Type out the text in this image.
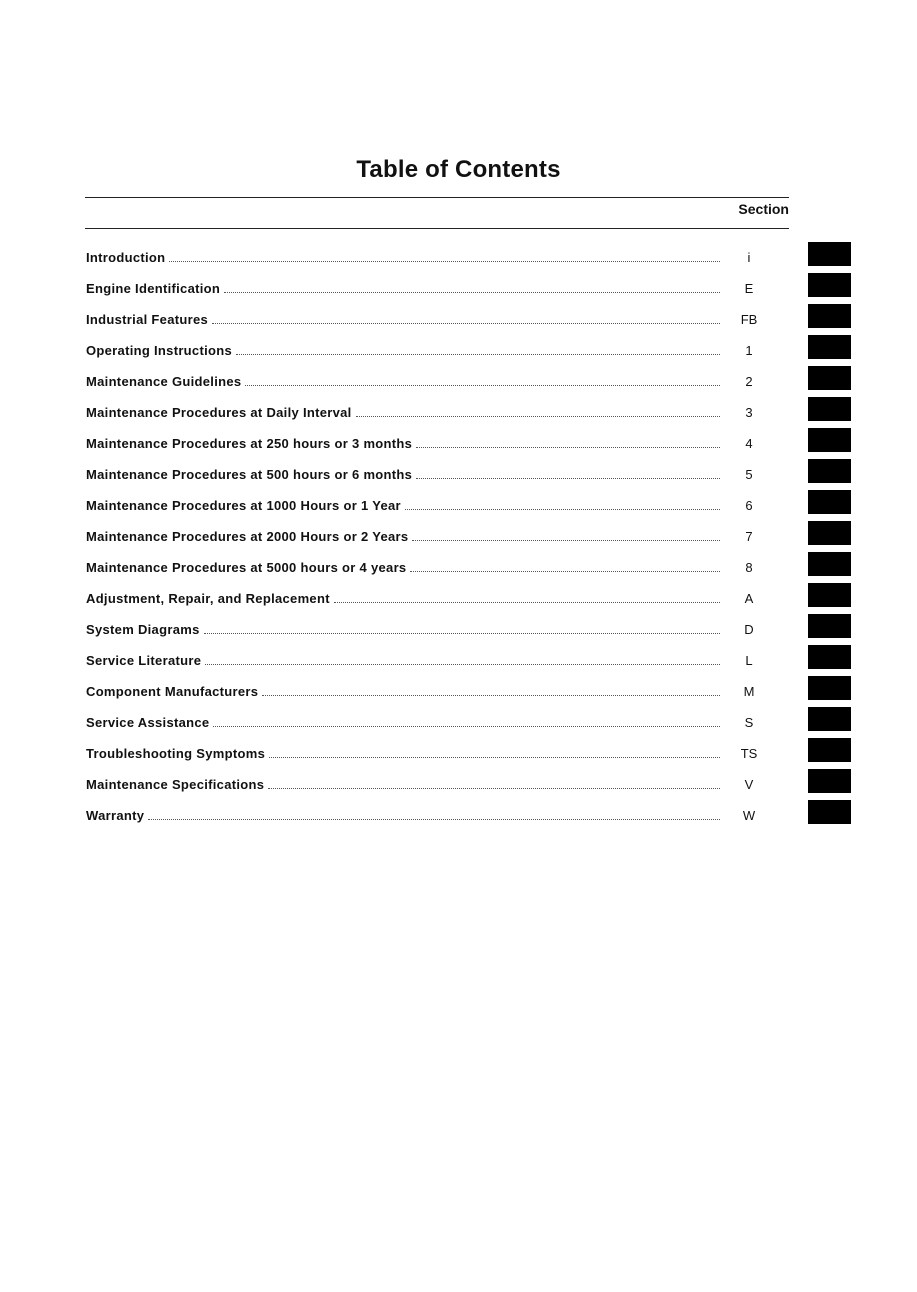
Table of Contents
Section
Introduction	i
Engine Identification	E
Industrial Features	FB
Operating Instructions	1
Maintenance Guidelines	2
Maintenance Procedures at Daily Interval	3
Maintenance Procedures at 250 hours or 3 months	4
Maintenance Procedures at 500 hours or 6 months	5
Maintenance Procedures at 1000 Hours or 1 Year	6
Maintenance Procedures at 2000 Hours or 2 Years	7
Maintenance Procedures at 5000 hours or 4 years	8
Adjustment, Repair, and Replacement	A
System Diagrams	D
Service Literature	L
Component Manufacturers	M
Service Assistance	S
Troubleshooting Symptoms	TS
Maintenance Specifications	V
Warranty	W
